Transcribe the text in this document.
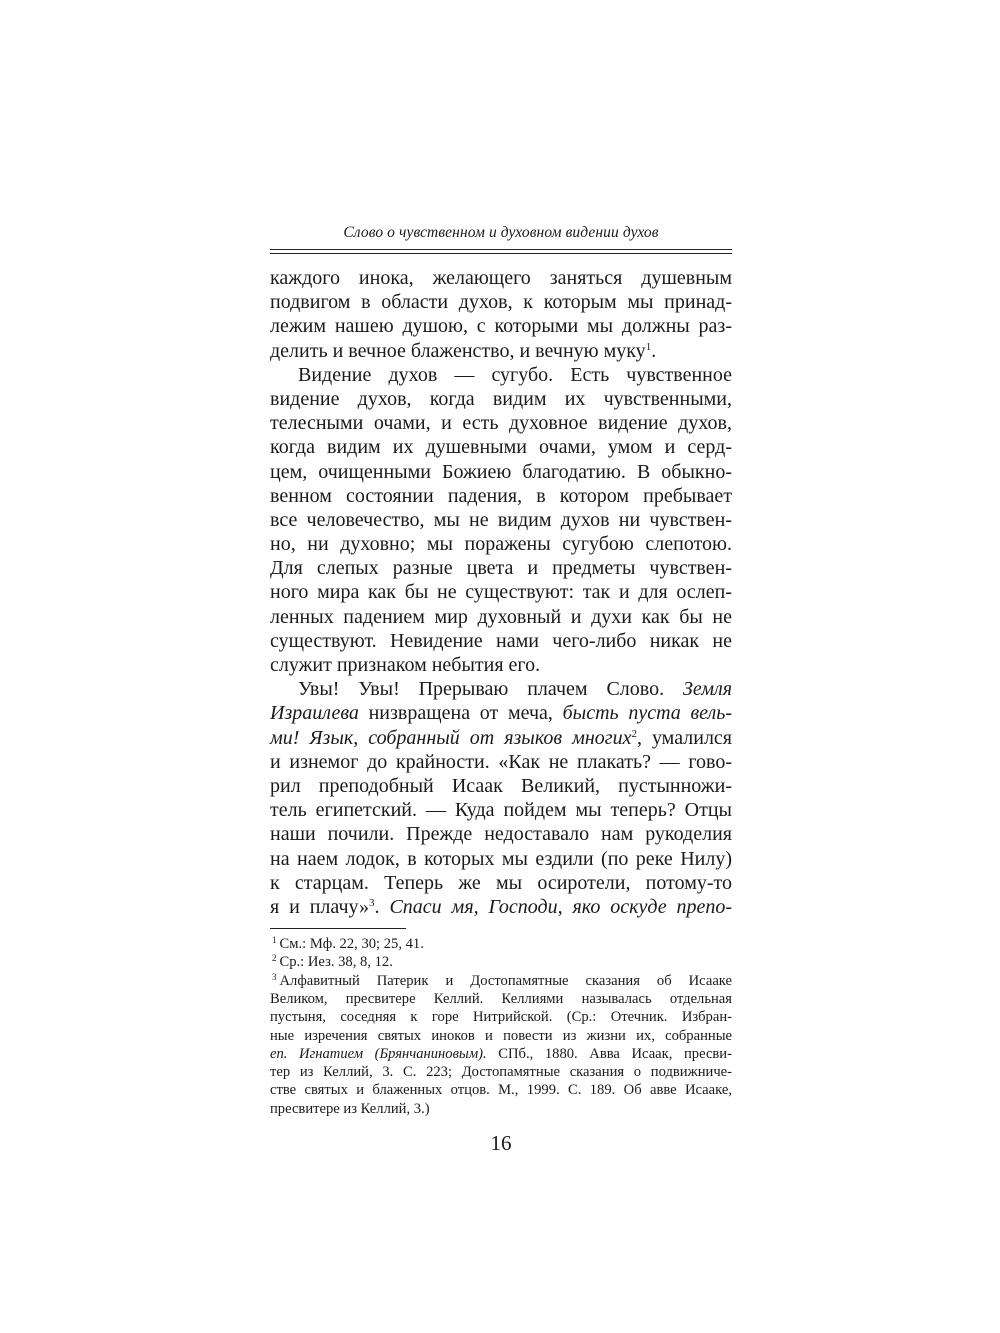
Слово о чувственном и духовном видении духов
каждого инока, желающего заняться душевным
подвигом в области духов, к которым мы принад-
лежим нашею душою, с которыми мы должны раз-
делить и вечное блаженство, и вечную муку$^1$.
Видение духов — сугубо. Есть чувственное
видение духов, когда видим их чувственными,
телесными очами, и есть духовное видение духов,
когда видим их душевными очами, умом и серд-
цем, очищенными Божиею благодатию. В обыкно-
венном состоянии падения, в котором пребывает
все человечество, мы не видим духов ни чувствен-
но, ни духовно; мы поражены сугубою слепотою.
Для слепых разные цвета и предметы чувствен-
ного мира как бы не существуют: так и для ослеп-
ленных падением мир духовный и духи как бы не
существуют. Невидение нами чего-либо никак не
служит признаком небытия его.
Увы! Увы! Прерываю плачем Слово. Земля
Израилева низвращена от меча, бысть пуста вель-
ми! Язык, собранный от языков многих$^2$, умалился
и изнемог до крайности. «Как не плакать? — гово-
рил преподобный Исаак Великий, пустынножи-
тель египетский. — Куда пойдем мы теперь? Отцы
наши почили. Прежде недоставало нам рукоделия
на наем лодок, в которых мы ездили (по реке Нилу)
к старцам. Теперь же мы осиротели, потому-то
я и плачу»$^3$. Спаси мя, Господи, яко оскуде препо-
$^1$ См.: Мф. 22, 30; 25, 41.
$^2$ Ср.: Иез. 38, 8, 12.
$^3$ Алфавитный Патерик и Достопамятные сказания об Исааке
Великом, пресвитере Келлий. Келлиями называлась отдельная
пустыня, соседняя к горе Нитрийской. (Ср.: Отечник. Избран-
ные изречения святых иноков и повести из жизни их, собранные
еп. Игнатием (Брянчаниновым). СПб., 1880. Авва Исаак, пресви-
тер из Келлий, 3. С. 223; Достопамятные сказания о подвижниче-
стве святых и блаженных отцов. М., 1999. С. 189. Об авве Исааке,
пресвитере из Келлий, 3.)
16
